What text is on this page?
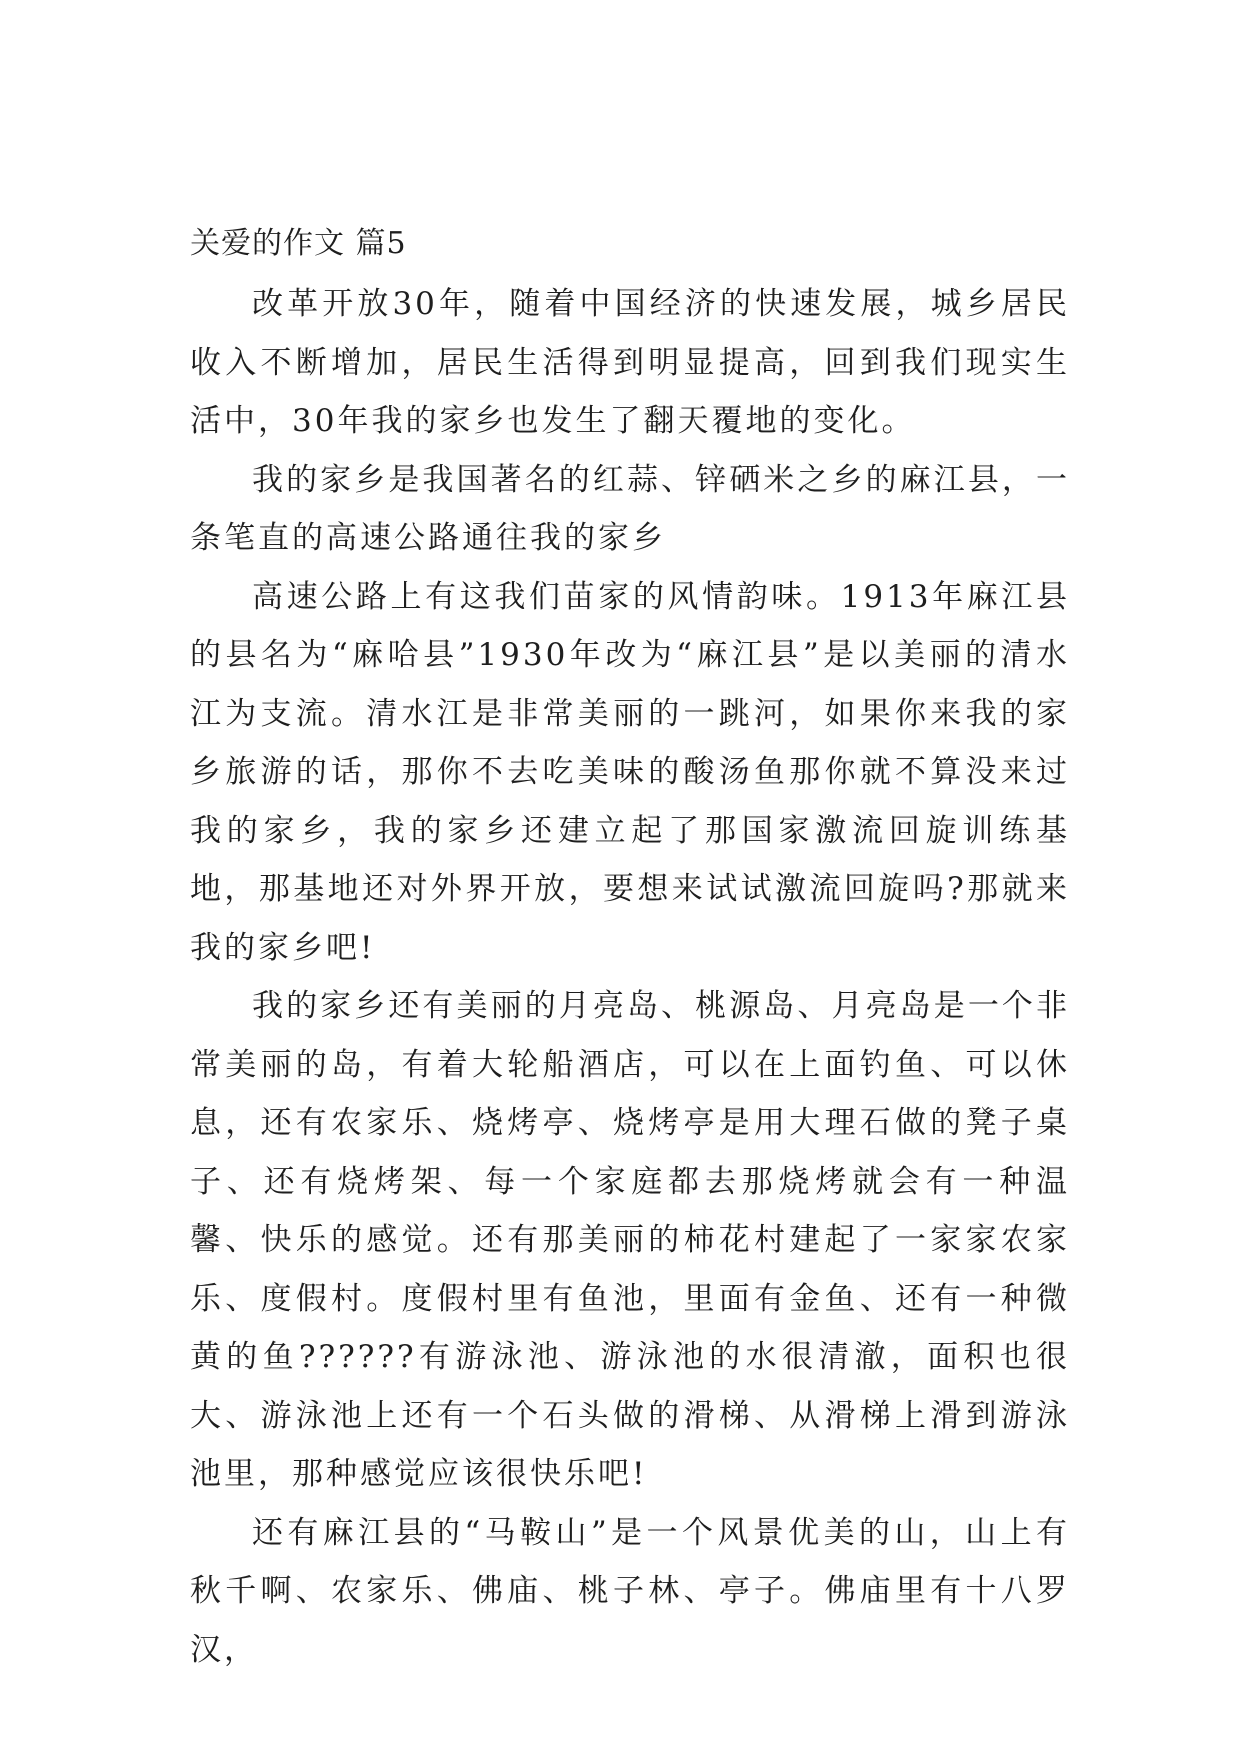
关爱的作文 篇5

改革开放30年，随着中国经济的快速发展，城乡居民收入不断增加，居民生活得到明显提高，回到我们现实生活中，30年我的家乡也发生了翻天覆地的变化。

我的家乡是我国著名的红蒜、锌硒米之乡的麻江县，一条笔直的高速公路通往我的家乡

高速公路上有这我们苗家的风情韵味。1913年麻江县的县名为“麻哈县”1930年改为“麻江县”是以美丽的清水江为支流。清水江是非常美丽的一跳河，如果你来我的家乡旅游的话，那你不去吃美味的酸汤鱼那你就不算没来过我的家乡，我的家乡还建立起了那国家激流回旋训练基地，那基地还对外界开放，要想来试试激流回旋吗?那就来我的家乡吧!

我的家乡还有美丽的月亮岛、桃源岛、月亮岛是一个非常美丽的岛，有着大轮船酒店，可以在上面钓鱼、可以休息，还有农家乐、烧烤亭、烧烤亭是用大理石做的凳子桌子、还有烧烤架、每一个家庭都去那烧烤就会有一种温馨、快乐的感觉。还有那美丽的柿花村建起了一家家农家乐、度假村。度假村里有鱼池，里面有金鱼、还有一种微黄的鱼??????有游泳池、游泳池的水很清澈，面积也很大、游泳池上还有一个石头做的滑梯、从滑梯上滑到游泳池里，那种感觉应该很快乐吧!

还有麻江县的“马鞍山”是一个风景优美的山，山上有秋千啊、农家乐、佛庙、桃子林、亭子。佛庙里有十八罗汉，
